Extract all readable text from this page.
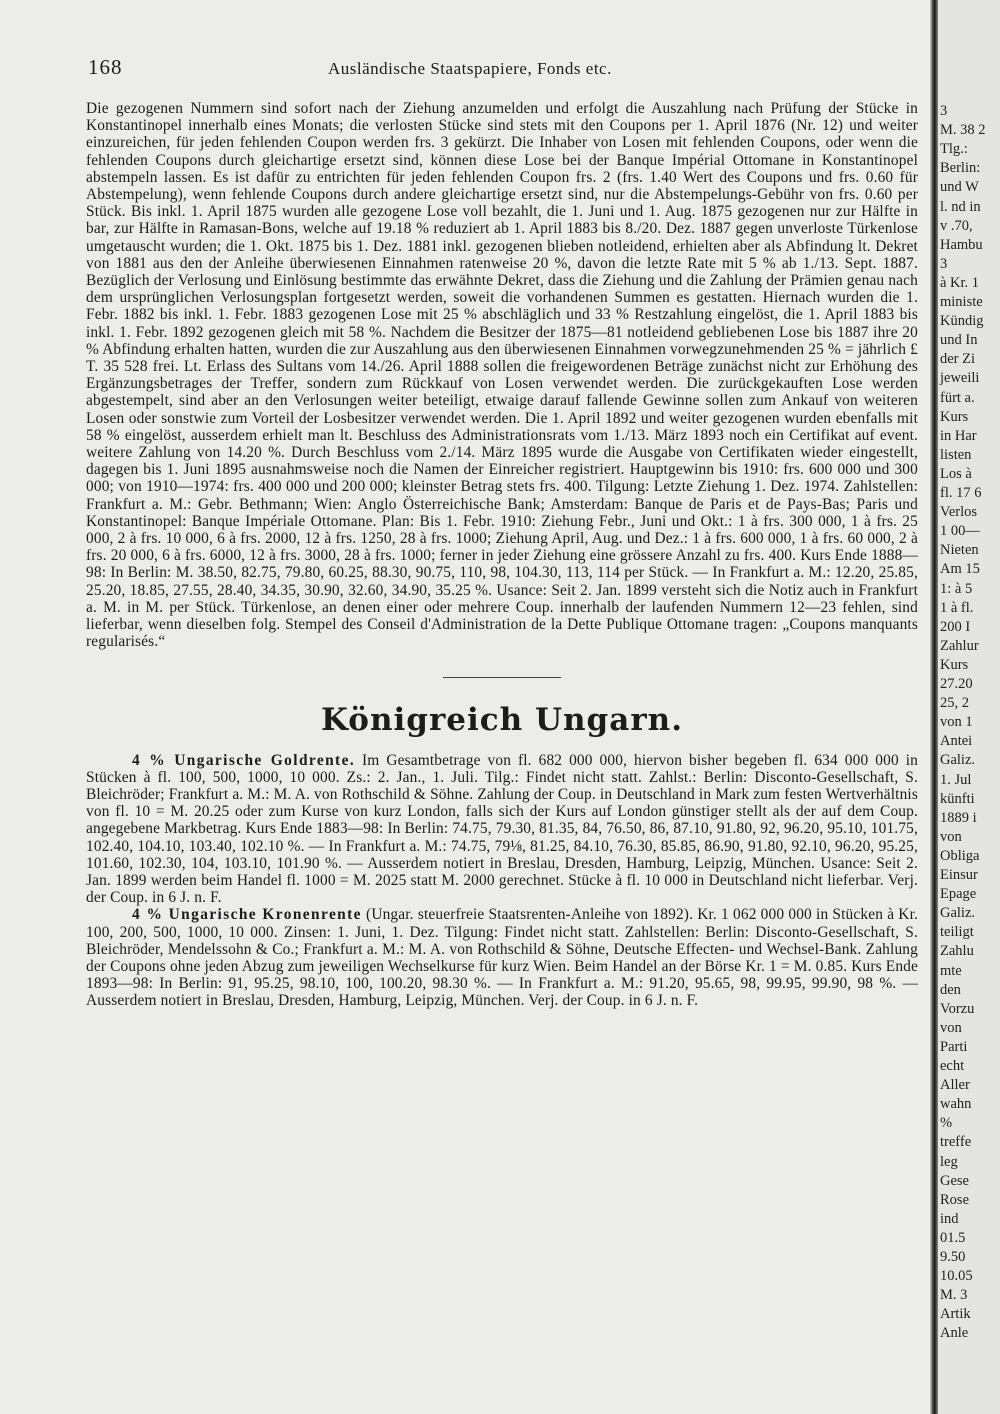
168	Ausländische Staatspapiere, Fonds etc.

Die gezogenen Nummern sind sofort nach der Ziehung anzumelden und erfolgt die Auszahlung nach Prüfung der Stücke in Konstantinopel innerhalb eines Monats; die verlosten Stücke sind stets mit den Coupons per 1. April 1876 (Nr. 12) und weiter einzureichen, für jeden fehlenden Coupon werden frs. 3 gekürzt. Die Inhaber von Losen mit fehlenden Coupons, oder wenn die fehlenden Coupons durch gleichartige ersetzt sind, können diese Lose bei der Banque Impérial Ottomane in Konstantinopel abstempeln lassen. Es ist dafür zu entrichten für jeden fehlenden Coupon frs. 2 (frs. 1.40 Wert des Coupons und frs. 0.60 für Abstempelung), wenn fehlende Coupons durch andere gleichartige ersetzt sind, nur die Abstempelungs-Gebühr von frs. 0.60 per Stück. Bis inkl. 1. April 1875 wurden alle gezogene Lose voll bezahlt, die 1. Juni und 1. Aug. 1875 gezogenen nur zur Hälfte in bar, zur Hälfte in Ramasan-Bons, welche auf 19.18 % reduziert ab 1. April 1883 bis 8./20. Dez. 1887 gegen unverloste Türkenlose umgetauscht wurden; die 1. Okt. 1875 bis 1. Dez. 1881 inkl. gezogenen blieben notleidend, erhielten aber als Abfindung lt. Dekret von 1881 aus den der Anleihe überwiesenen Einnahmen ratenweise 20 %, davon die letzte Rate mit 5 % ab 1./13. Sept. 1887. Bezüglich der Verlosung und Einlösung bestimmte das erwähnte Dekret, dass die Ziehung und die Zahlung der Prämien genau nach dem ursprünglichen Verlosungsplan fortgesetzt werden, soweit die vorhandenen Summen es gestatten. Hiernach wurden die 1. Febr. 1882 bis inkl. 1. Febr. 1883 gezogenen Lose mit 25 % abschläglich und 33 % Restzahlung eingelöst, die 1. April 1883 bis inkl. 1. Febr. 1892 gezogenen gleich mit 58 %. Nachdem die Besitzer der 1875—81 notleidend gebliebenen Lose bis 1887 ihre 20 % Abfindung erhalten hatten, wurden die zur Auszahlung aus den überwiesenen Einnahmen vorwegzunehmenden 25 % = jährlich £ T. 35 528 frei. Lt. Erlass des Sultans vom 14./26. April 1888 sollen die freigewordenen Beträge zunächst nicht zur Erhöhung des Ergänzungsbetrages der Treffer, sondern zum Rückkauf von Losen verwendet werden. Die zurückgekauften Lose werden abgestempelt, sind aber an den Verlosungen weiter beteiligt, etwaige darauf fallende Gewinne sollen zum Ankauf von weiteren Losen oder sonstwie zum Vorteil der Losbesitzer verwendet werden. Die 1. April 1892 und weiter gezogenen wurden ebenfalls mit 58 % eingelöst, ausserdem erhielt man lt. Beschluss des Administrationsrats vom 1./13. März 1893 noch ein Certifikat auf event. weitere Zahlung von 14.20 %. Durch Beschluss vom 2./14. März 1895 wurde die Ausgabe von Certifikaten wieder eingestellt, dagegen bis 1. Juni 1895 ausnahmsweise noch die Namen der Einreicher registriert. Hauptgewinn bis 1910: frs. 600 000 und 300 000; von 1910—1974: frs. 400 000 und 200 000; kleinster Betrag stets frs. 400. Tilgung: Letzte Ziehung 1. Dez. 1974. Zahlstellen: Frankfurt a. M.: Gebr. Bethmann; Wien: Anglo Österreichische Bank; Amsterdam: Banque de Paris et de Pays-Bas; Paris und Konstantinopel: Banque Impériale Ottomane. Plan: Bis 1. Febr. 1910: Ziehung Febr., Juni und Okt.: 1 à frs. 300 000, 1 à frs. 25 000, 2 à frs. 10 000, 6 à frs. 2000, 12 à frs. 1250, 28 à frs. 1000; Ziehung April, Aug. und Dez.: 1 à frs. 600 000, 1 à frs. 60 000, 2 à frs. 20 000, 6 à frs. 6000, 12 à frs. 3000, 28 à frs. 1000; ferner in jeder Ziehung eine grössere Anzahl zu frs. 400. Kurs Ende 1888—98: In Berlin: M. 38.50, 82.75, 79.80, 60.25, 88.30, 90.75, 110, 98, 104.30, 113, 114 per Stück. — In Frankfurt a. M.: 12.20, 25.85, 25.20, 18.85, 27.55, 28.40, 34.35, 30.90, 32.60, 34.90, 35.25 %. Usance: Seit 2. Jan. 1899 versteht sich die Notiz auch in Frankfurt a. M. in M. per Stück. Türkenlose, an denen einer oder mehrere Coup. innerhalb der laufenden Nummern 12—23 fehlen, sind lieferbar, wenn dieselben folg. Stempel des Conseil d'Administration de la Dette Publique Ottomane tragen: „Coupons manquants regularisés.“

Königreich Ungarn.

4 % Ungarische Goldrente. Im Gesamtbetrage von fl. 682 000 000, hiervon bisher begeben fl. 634 000 000 in Stücken à fl. 100, 500, 1000, 10 000. Zs.: 2. Jan., 1. Juli. Tilg.: Findet nicht statt. Zahlst.: Berlin: Disconto-Gesellschaft, S. Bleichröder; Frankfurt a. M.: M. A. von Rothschild & Söhne. Zahlung der Coup. in Deutschland in Mark zum festen Wertverhältnis von fl. 10 = M. 20.25 oder zum Kurse von kurz London, falls sich der Kurs auf London günstiger stellt als der auf dem Coup. angegebene Markbetrag. Kurs Ende 1883—98: In Berlin: 74.75, 79.30, 81.35, 84, 76.50, 86, 87.10, 91.80, 92, 96.20, 95.10, 101.75, 102.40, 104.10, 103.40, 102.10 %. — In Frankfurt a. M.: 74.75, 79⅛, 81.25, 84.10, 76.30, 85.85, 86.90, 91.80, 92.10, 96.20, 95.25, 101.60, 102.30, 104, 103.10, 101.90 %. — Ausserdem notiert in Breslau, Dresden, Hamburg, Leipzig, München. Usance: Seit 2. Jan. 1899 werden beim Handel fl. 1000 = M. 2025 statt M. 2000 gerechnet. Stücke à fl. 10 000 in Deutschland nicht lieferbar. Verj. der Coup. in 6 J. n. F.

4 % Ungarische Kronenrente (Ungar. steuerfreie Staatsrenten-Anleihe von 1892). Kr. 1 062 000 000 in Stücken à Kr. 100, 200, 500, 1000, 10 000. Zinsen: 1. Juni, 1. Dez. Tilgung: Findet nicht statt. Zahlstellen: Berlin: Disconto-Gesellschaft, S. Bleichröder, Mendelssohn & Co.; Frankfurt a. M.: M. A. von Rothschild & Söhne, Deutsche Effecten- und Wechsel-Bank. Zahlung der Coupons ohne jeden Abzug zum jeweiligen Wechselkurse für kurz Wien. Beim Handel an der Börse Kr. 1 = M. 0.85. Kurs Ende 1893—98: In Berlin: 91, 95.25, 98.10, 100, 100.20, 98.30 %. — In Frankfurt a. M.: 91.20, 95.65, 98, 99.95, 99.90, 98 %. — Ausserdem notiert in Breslau, Dresden, Hamburg, Leipzig, München. Verj. der Coup. in 6 J. n. F.

3
M. 38 2
Tlg.:
Berlin:
und W
l. nd in
v .70,
Hambu
3
à Kr. 1
ministe
Kündig
und In
der Zi
jeweili
fürt a.
Kurs
in Har
listen
Los à
fl. 17 6
Verlos
1 00—
Nieten
Am 15
1: à 5
1 à fl.
200 I
Zahlur
Kurs
27.20
25, 2
von 1
Antei
Galiz.
1. Jul
künfti
1889 i
von
Obliga
Einsur
Epage
Galiz.
teiligt
Zahlu
mte
den
Vorzu
von
Parti
echt
Aller
wahn
%
treffe
leg
Gese
Rose
ind
01.5
9.50
10.05
M. 3
Artik
Anle
